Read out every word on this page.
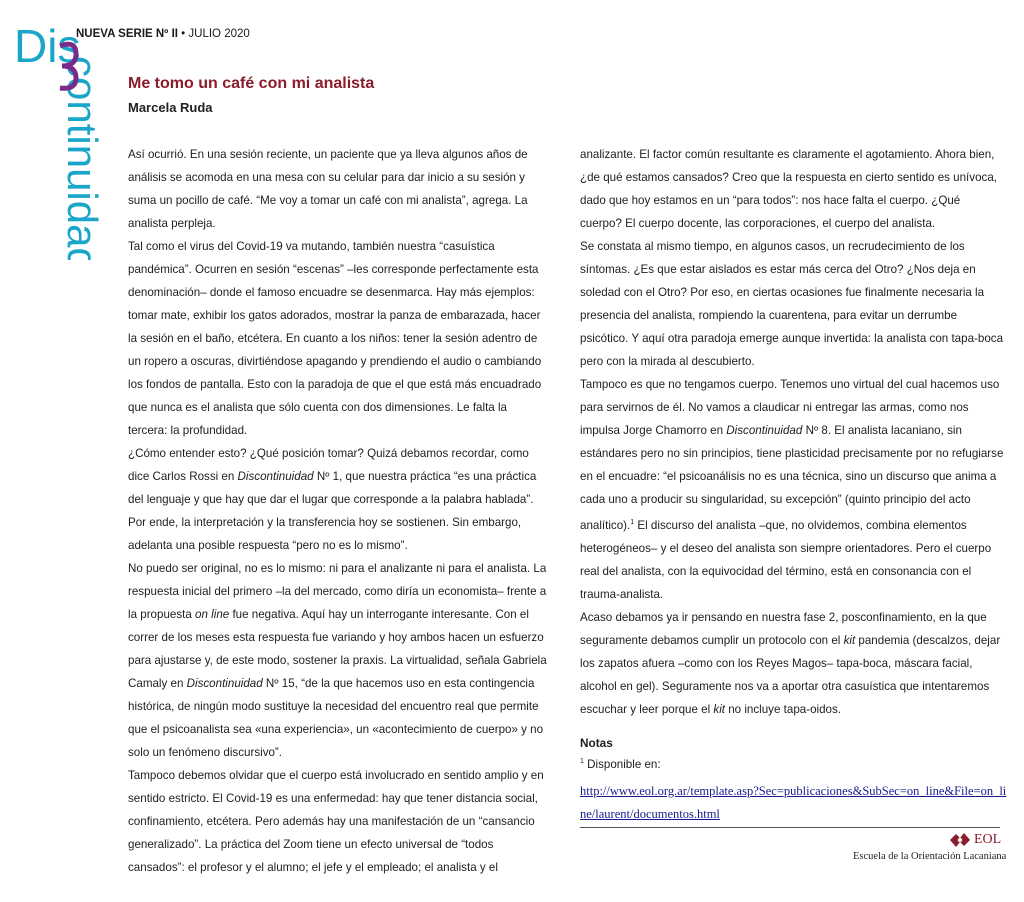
Dis
continuidad
NUEVA SERIE Nº II • JULIO 2020
Me tomo un café con mi analista
Marcela Ruda

Así ocurrió. En una sesión reciente, un paciente que ya lleva algunos años de análisis se acomoda en una mesa con su celular para dar inicio a su sesión y suma un pocillo de café. “Me voy a tomar un café con mi analista”, agrega. La analista perpleja.

Tal como el virus del Covid-19 va mutando, también nuestra “casuística pandémica”. Ocurren en sesión “escenas” –les corresponde perfectamente esta denominación– donde el famoso encuadre se desenmarca. Hay más ejemplos: tomar mate, exhibir los gatos adorados, mostrar la panza de embarazada, hacer la sesión en el baño, etcétera. En cuanto a los niños: tener la sesión adentro de un ropero a oscuras, divirtiéndose apagando y prendiendo el audio o cambiando los fondos de pantalla. Esto con la paradoja de que el que está más encuadrado que nunca es el analista que sólo cuenta con dos dimensiones. Le falta la tercera: la profundidad.

¿Cómo entender esto? ¿Qué posición tomar? Quizá debamos recordar, como dice Carlos Rossi en Discontinuidad Nº 1, que nuestra práctica “es una práctica del lenguaje y que hay que dar el lugar que corresponde a la palabra hablada”. Por ende, la interpretación y la transferencia hoy se sostienen. Sin embargo, adelanta una posible respuesta “pero no es lo mismo”.

No puedo ser original, no es lo mismo: ni para el analizante ni para el analista. La respuesta inicial del primero –la del mercado, como diría un economista– frente a la propuesta on line fue negativa. Aquí hay un interrogante interesante. Con el correr de los meses esta respuesta fue variando y hoy ambos hacen un esfuerzo para ajustarse y, de este modo, sostener la praxis. La virtualidad, señala Gabriela Camaly en Discontinuidad Nº 15, “de la que hacemos uso en esta contingencia histórica, de ningún modo sustituye la necesidad del encuentro real que permite que el psicoanalista sea «una experiencia», un «acontecimiento de cuerpo» y no solo un fenómeno discursivo”.

Tampoco debemos olvidar que el cuerpo está involucrado en sentido amplio y en sentido estricto. El Covid-19 es una enfermedad: hay que tener distancia social, confinamiento, etcétera. Pero además hay una manifestación de un “cansancio generalizado”. La práctica del Zoom tiene un efecto universal de “todos cansados”: el profesor y el alumno; el jefe y el empleado; el analista y el

analizante. El factor común resultante es claramente el agotamiento. Ahora bien, ¿de qué estamos cansados? Creo que la respuesta en cierto sentido es unívoca, dado que hoy estamos en un “para todos”: nos hace falta el cuerpo. ¿Qué cuerpo? El cuerpo docente, las corporaciones, el cuerpo del analista.

Se constata al mismo tiempo, en algunos casos, un recrudecimiento de los síntomas. ¿Es que estar aislados es estar más cerca del Otro? ¿Nos deja en soledad con el Otro? Por eso, en ciertas ocasiones fue finalmente necesaria la presencia del analista, rompiendo la cuarentena, para evitar un derrumbe psicótico. Y aquí otra paradoja emerge aunque invertida: la analista con tapa-boca pero con la mirada al descubierto.

Tampoco es que no tengamos cuerpo. Tenemos uno virtual del cual hacemos uso para servirnos de él. No vamos a claudicar ni entregar las armas, como nos impulsa Jorge Chamorro en Discontinuidad Nº 8. El analista lacaniano, sin estándares pero no sin principios, tiene plasticidad precisamente por no refugiarse en el encuadre: “el psicoanálisis no es una técnica, sino un discurso que anima a cada uno a producir su singularidad, su excepción” (quinto principio del acto analítico).$^1$ El discurso del analista –que, no olvidemos, combina elementos heterogéneos– y el deseo del analista son siempre orientadores. Pero el cuerpo real del analista, con la equivocidad del término, está en consonancia con el trauma-analista.

Acaso debamos ya ir pensando en nuestra fase 2, posconfinamiento, en la que seguramente debamos cumplir un protocolo con el kit pandemia (descalzos, dejar los zapatos afuera –como con los Reyes Magos– tapa-boca, máscara facial, alcohol en gel). Seguramente nos va a aportar otra casuística que intentaremos escuchar y leer porque el kit no incluye tapa-oidos.

Notas
$^1$ Disponible en:
http://www.eol.org.ar/template.asp?Sec=publicaciones&SubSec=on_line&File=on_line/laurent/documentos.html
EOL
Escuela de la Orientación Lacaniana
